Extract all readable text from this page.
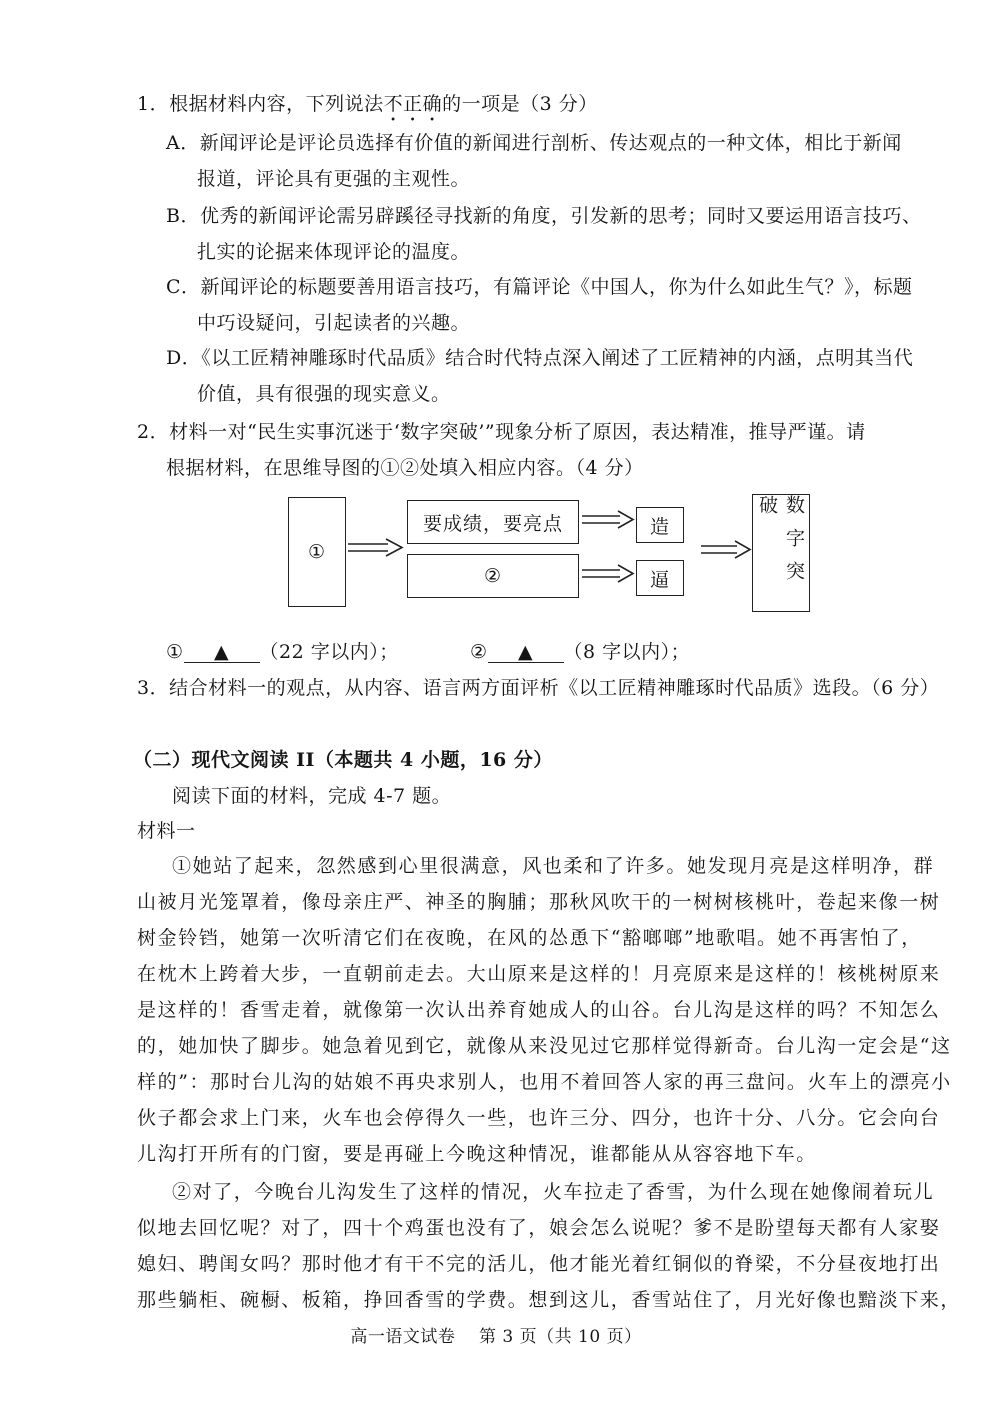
1．根据材料内容，下列说法不正确的一项是（3 分）
A．新闻评论是评论员选择有价值的新闻进行剖析、传达观点的一种文体，相比于新闻
报道，评论具有更强的主观性。
B．优秀的新闻评论需另辟蹊径寻找新的角度，引发新的思考；同时又要运用语言技巧、
扎实的论据来体现评论的温度。
C．新闻评论的标题要善用语言技巧，有篇评论《中国人，你为什么如此生气？》，标题
中巧设疑问，引起读者的兴趣。
D．《以工匠精神雕琢时代品质》结合时代特点深入阐述了工匠精神的内涵，点明其当代
价值，具有很强的现实意义。
2．材料一对“民生实事沉迷于‘数字突破’”现象分析了原因，表达精准，推导严谨。请
根据材料，在思维导图的①②处填入相应内容。（4 分）
①
要成绩，要亮点
②
造
逼	数字突破
① ▲ （22 字以内）；	② ▲ （8 字以内）；
3．结合材料一的观点，从内容、语言两方面评析《以工匠精神雕琢时代品质》选段。（6 分）
（二）现代文阅读 II（本题共 4 小题，16 分）
阅读下面的材料，完成 4-7 题。
材料一
①她站了起来，忽然感到心里很满意，风也柔和了许多。她发现月亮是这样明净，群
山被月光笼罩着，像母亲庄严、神圣的胸脯；那秋风吹干的一树树核桃叶，卷起来像一树
树金铃铛，她第一次听清它们在夜晚，在风的怂恿下“豁啷啷”地歌唱。她不再害怕了，
在枕木上跨着大步，一直朝前走去。大山原来是这样的！月亮原来是这样的！核桃树原来
是这样的！香雪走着，就像第一次认出养育她成人的山谷。台儿沟是这样的吗？不知怎么
的，她加快了脚步。她急着见到它，就像从来没见过它那样觉得新奇。台儿沟一定会是“这
样的”：那时台儿沟的姑娘不再央求别人，也用不着回答人家的再三盘问。火车上的漂亮小
伙子都会求上门来，火车也会停得久一些，也许三分、四分，也许十分、八分。它会向台
儿沟打开所有的门窗，要是再碰上今晚这种情况，谁都能从从容容地下车。
②对了，今晚台儿沟发生了这样的情况，火车拉走了香雪，为什么现在她像闹着玩儿
似地去回忆呢？对了，四十个鸡蛋也没有了，娘会怎么说呢？爹不是盼望每天都有人家娶
媳妇、聘闺女吗？那时他才有干不完的活儿，他才能光着红铜似的脊梁，不分昼夜地打出
那些躺柜、碗橱、板箱，挣回香雪的学费。想到这儿，香雪站住了，月光好像也黯淡下来，
高一语文试卷    第 3 页（共 10 页）
